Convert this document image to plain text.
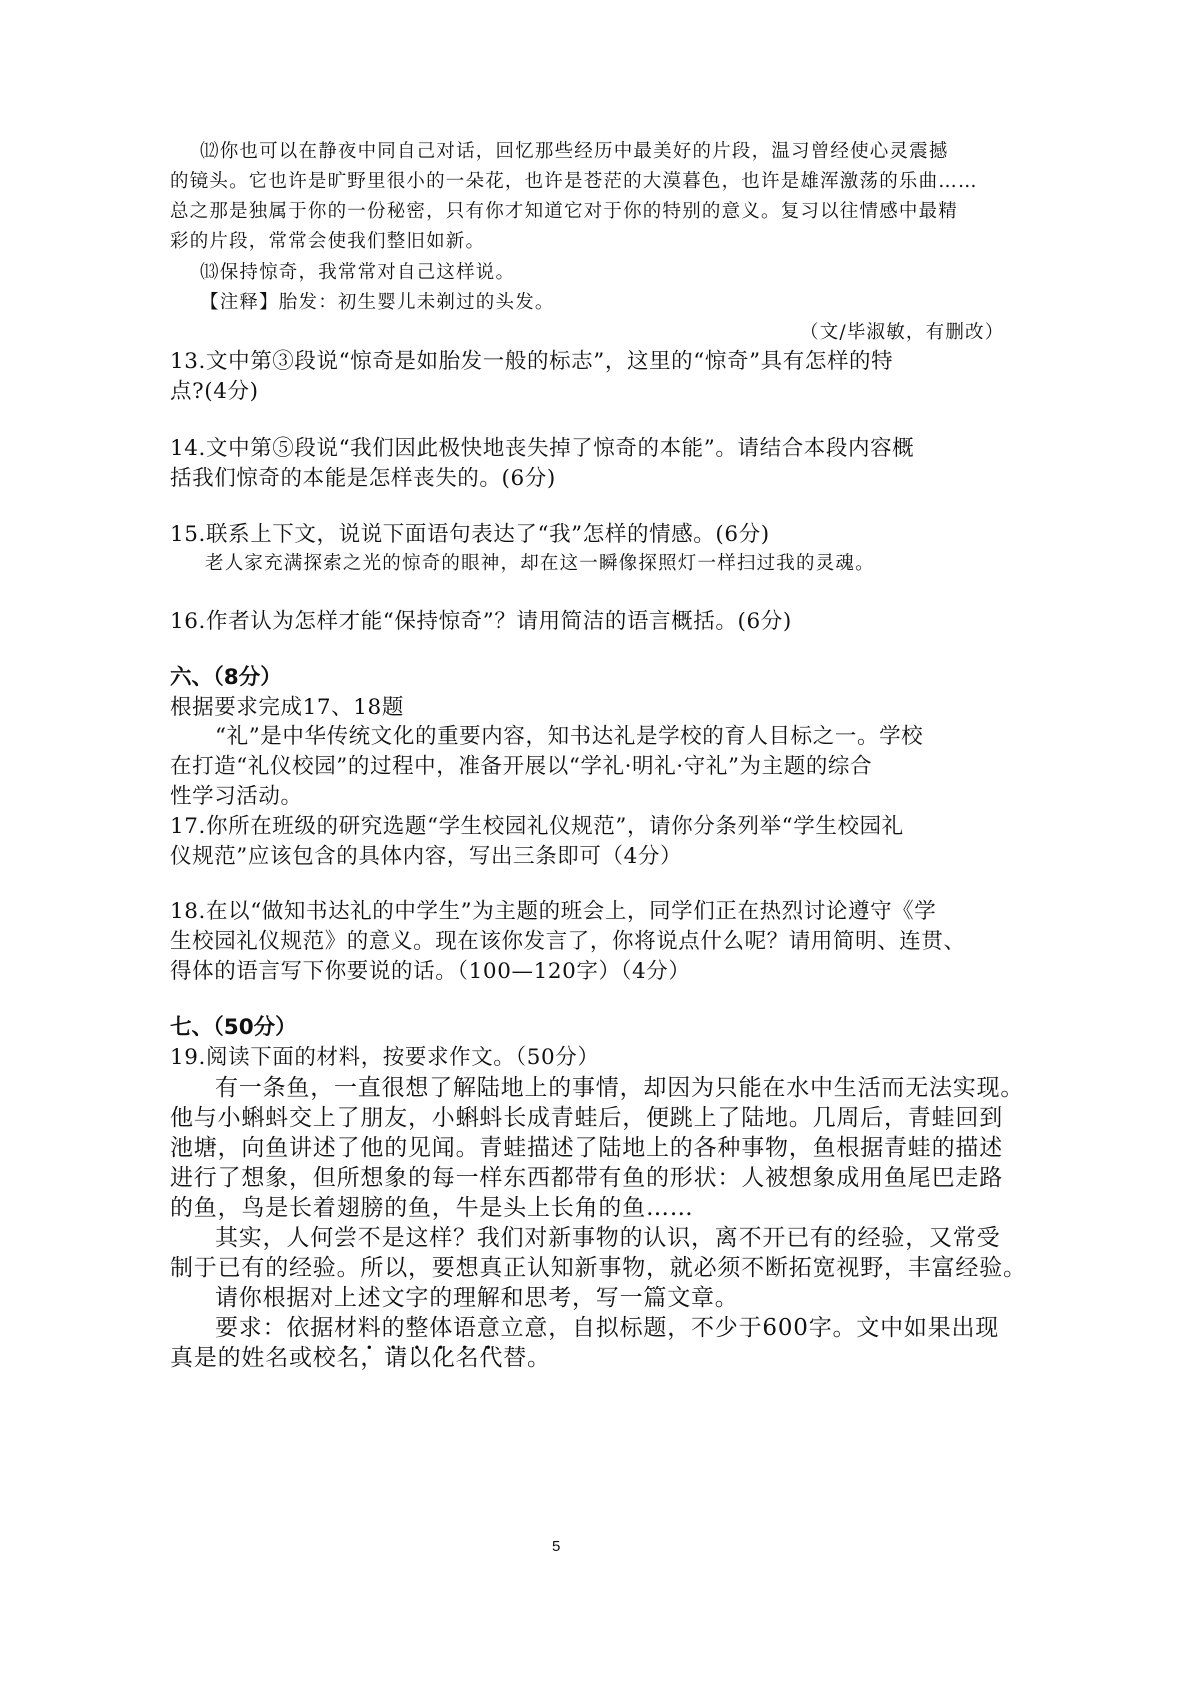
⑿你也可以在静夜中同自己对话，回忆那些经历中最美好的片段，温习曾经使心灵震撼
的镜头。它也许是旷野里很小的一朵花，也许是苍茫的大漠暮色，也许是雄浑激荡的乐曲……
总之那是独属于你的一份秘密，只有你才知道它对于你的特别的意义。复习以往情感中最精
彩的片段，常常会使我们整旧如新。
⒀保持惊奇，我常常对自己这样说。
【注释】胎发：初生婴儿未剃过的头发。
（文/毕淑敏，有删改）
13.文中第③段说“惊奇是如胎发一般的标志”，这里的“惊奇”具有怎样的特
点?(4分)
14.文中第⑤段说“我们因此极快地丧失掉了惊奇的本能”。请结合本段内容概
括我们惊奇的本能是怎样丧失的。(6分)
15.联系上下文，说说下面语句表达了“我”怎样的情感。(6分)
老人家充满探索之光的惊奇的眼神，却在这一瞬像探照灯一样扫过我的灵魂。
16.作者认为怎样才能“保持惊奇”？请用简洁的语言概括。(6分)
六、（8分）
根据要求完成17、18题
“礼”是中华传统文化的重要内容，知书达礼是学校的育人目标之一。学校
在打造“礼仪校园”的过程中，准备开展以“学礼·明礼·守礼”为主题的综合
性学习活动。
17.你所在班级的研究选题“学生校园礼仪规范”，请你分条列举“学生校园礼
仪规范”应该包含的具体内容，写出三条即可（4分）
18.在以“做知书达礼的中学生”为主题的班会上，同学们正在热烈讨论遵守《学
生校园礼仪规范》的意义。现在该你发言了，你将说点什么呢？请用简明、连贯、
得体的语言写下你要说的话。（100—120字）（4分）
七、（50分）
19.阅读下面的材料，按要求作文。（50分）
有一条鱼，一直很想了解陆地上的事情，却因为只能在水中生活而无法实现。
他与小蝌蚪交上了朋友，小蝌蚪长成青蛙后，便跳上了陆地。几周后，青蛙回到
池塘，向鱼讲述了他的见闻。青蛙描述了陆地上的各种事物，鱼根据青蛙的描述
进行了想象，但所想象的每一样东西都带有鱼的形状：人被想象成用鱼尾巴走路
的鱼，鸟是长着翅膀的鱼，牛是头上长角的鱼……
其实，人何尝不是这样？我们对新事物的认识，离不开已有的经验，又常受
制于已有的经验。所以，要想真正认知新事物，就必须不断拓宽视野，丰富经验。
请你根据对上述文字的理解和思考，写一篇文章。
要求：依据材料的整体语意立意，自拟标题，不少于600字。文中如果出现
真是的姓名或校名，请以化名代替。
5
